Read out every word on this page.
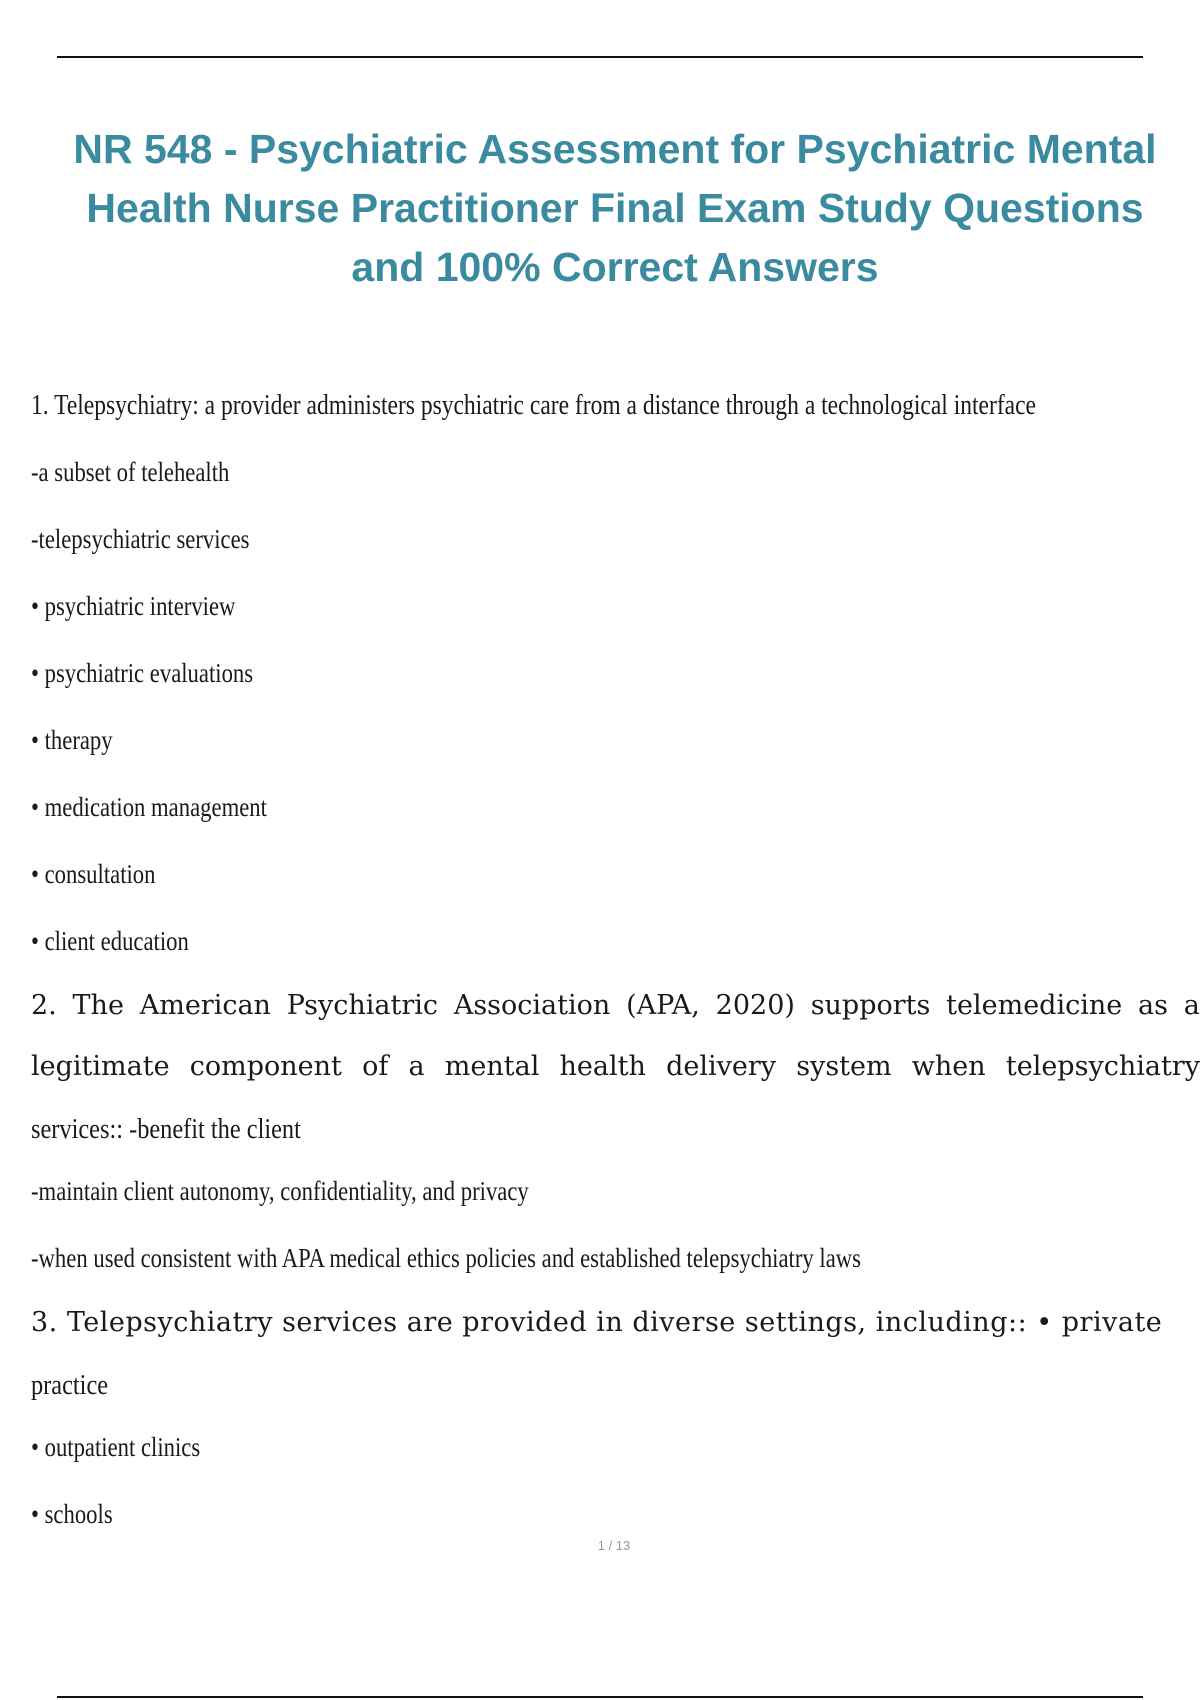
NR 548 - Psychiatric Assessment for Psychiatric Mental
Health Nurse Practitioner Final Exam Study Questions
and 100% Correct Answers

1. Telepsychiatry: a provider administers psychiatric care from a distance through a technological interface

-a subset of telehealth

-telepsychiatric services

• psychiatric interview

• psychiatric evaluations

• therapy

• medication management

• consultation

• client education

2. The American Psychiatric Association (APA, 2020) supports telemedicine as a
legitimate component of a mental health delivery system when telepsychiatry

services:: -benefit the client

-maintain client autonomy, confidentiality, and privacy

-when used consistent with APA medical ethics policies and established telepsychiatry laws

3. Telepsychiatry services are provided in diverse settings, including:: • private

practice

• outpatient clinics

• schools

1 / 13
